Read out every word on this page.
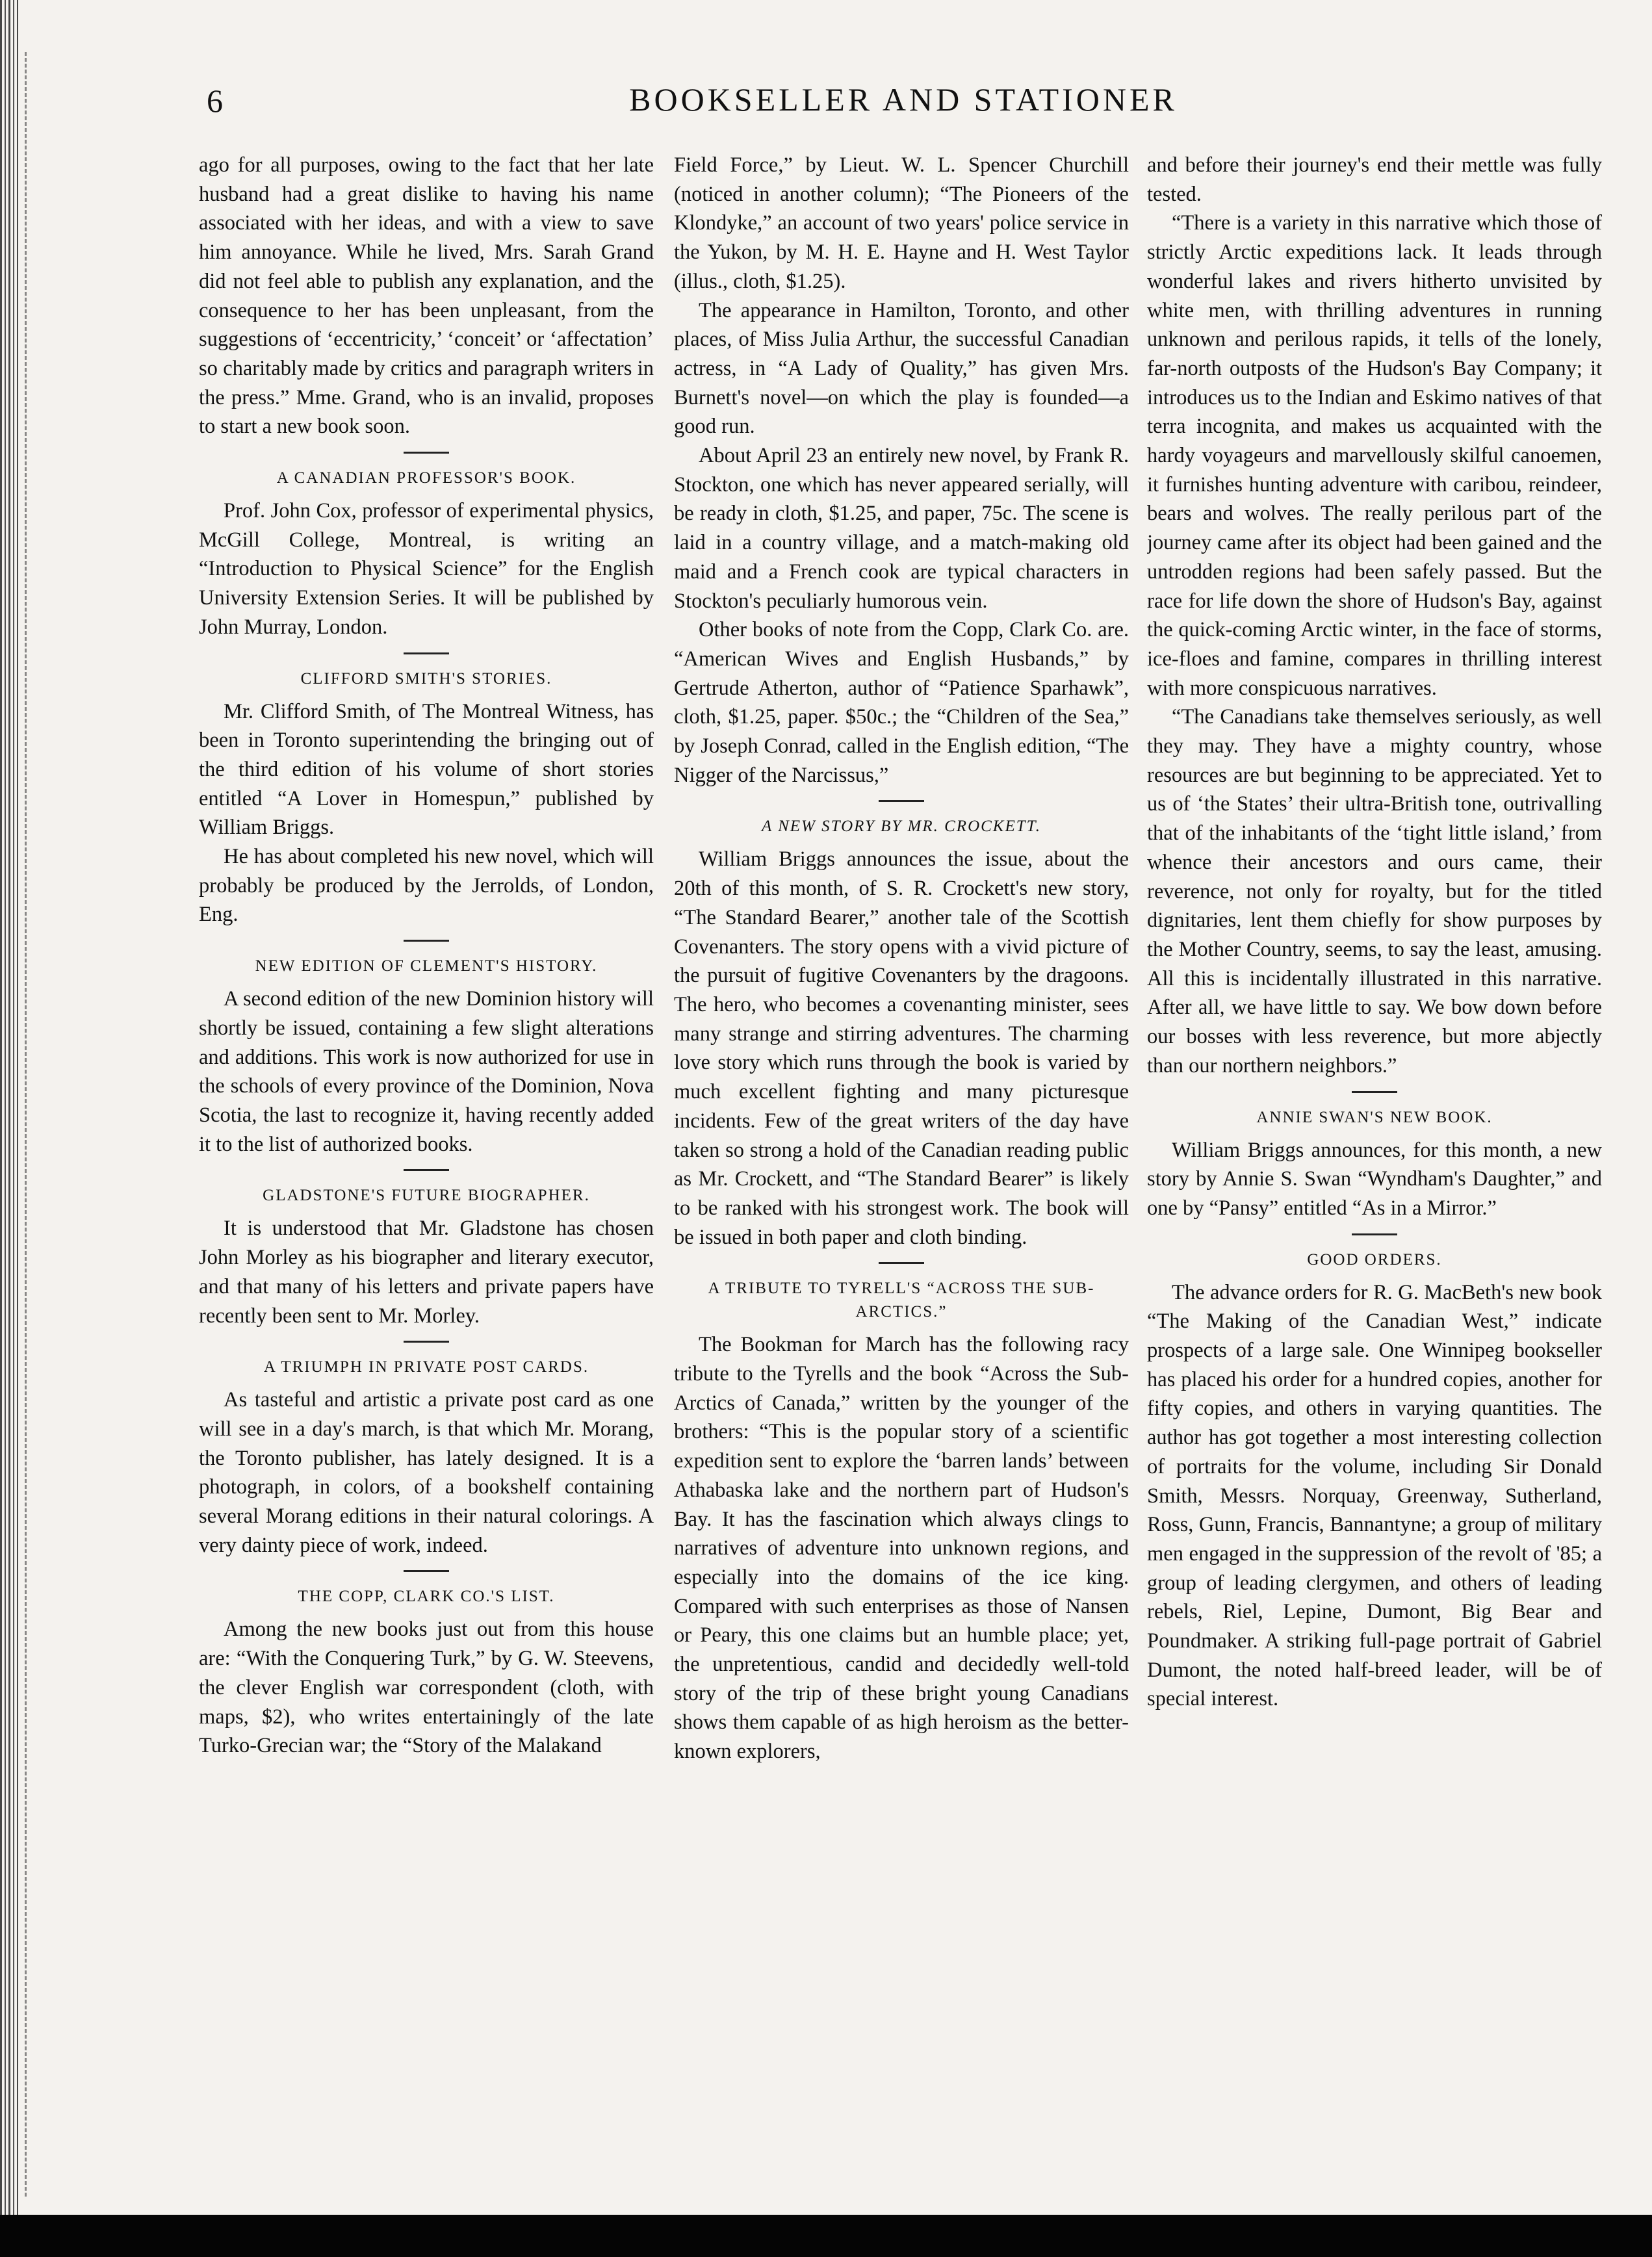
6	BOOKSELLER AND STATIONER

ago for all purposes, owing to the fact that her late husband had a great dislike to having his name associated with her ideas, and with a view to save him annoyance. While he lived, Mrs. Sarah Grand did not feel able to publish any explanation, and the consequence to her has been unpleasant, from the suggestions of ‘eccentricity,’ ‘conceit’ or ‘affectation’ so charitably made by critics and paragraph writers in the press.” Mme. Grand, who is an invalid, proposes to start a new book soon.

A CANADIAN PROFESSOR'S BOOK.

Prof. John Cox, professor of experimental physics, McGill College, Montreal, is writing an “Introduction to Physical Science” for the English University Extension Series. It will be published by John Murray, London.

CLIFFORD SMITH'S STORIES.

Mr. Clifford Smith, of The Montreal Witness, has been in Toronto superintending the bringing out of the third edition of his volume of short stories entitled “A Lover in Homespun,” published by William Briggs.

He has about completed his new novel, which will probably be produced by the Jerrolds, of London, Eng.

NEW EDITION OF CLEMENT'S HISTORY.

A second edition of the new Dominion history will shortly be issued, containing a few slight alterations and additions. This work is now authorized for use in the schools of every province of the Dominion, Nova Scotia, the last to recognize it, having recently added it to the list of authorized books.

GLADSTONE'S FUTURE BIOGRAPHER.

It is understood that Mr. Gladstone has chosen John Morley as his biographer and literary executor, and that many of his letters and private papers have recently been sent to Mr. Morley.

A TRIUMPH IN PRIVATE POST CARDS.

As tasteful and artistic a private post card as one will see in a day's march, is that which Mr. Morang, the Toronto publisher, has lately designed. It is a photograph, in colors, of a bookshelf containing several Morang editions in their natural colorings. A very dainty piece of work, indeed.

THE COPP, CLARK CO.'S LIST.

Among the new books just out from this house are: “With the Conquering Turk,” by G. W. Steevens, the clever English war correspondent (cloth, with maps, $2), who writes entertainingly of the late Turko-Grecian war; the “Story of the Malakand

Field Force,” by Lieut. W. L. Spencer Churchill (noticed in another column); “The Pioneers of the Klondyke,” an account of two years' police service in the Yukon, by M. H. E. Hayne and H. West Taylor (illus., cloth, $1.25).

The appearance in Hamilton, Toronto, and other places, of Miss Julia Arthur, the successful Canadian actress, in “A Lady of Quality,” has given Mrs. Burnett's novel—on which the play is founded—a good run.

About April 23 an entirely new novel, by Frank R. Stockton, one which has never appeared serially, will be ready in cloth, $1.25, and paper, 75c. The scene is laid in a country village, and a match-making old maid and a French cook are typical characters in Stockton's peculiarly humorous vein.

Other books of note from the Copp, Clark Co. are. “American Wives and English Husbands,” by Gertrude Atherton, author of “Patience Sparhawk”, cloth, $1.25, paper. $50c.; the “Children of the Sea,” by Joseph Conrad, called in the English edition, “The Nigger of the Narcissus,”

A NEW STORY BY MR. CROCKETT.

William Briggs announces the issue, about the 20th of this month, of S. R. Crockett's new story, “The Standard Bearer,” another tale of the Scottish Covenanters. The story opens with a vivid picture of the pursuit of fugitive Covenanters by the dragoons. The hero, who becomes a covenanting minister, sees many strange and stirring adventures. The charming love story which runs through the book is varied by much excellent fighting and many picturesque incidents. Few of the great writers of the day have taken so strong a hold of the Canadian reading public as Mr. Crockett, and “The Standard Bearer” is likely to be ranked with his strongest work. The book will be issued in both paper and cloth binding.

A TRIBUTE TO TYRELL'S “ACROSS THE SUB-ARCTICS.”

The Bookman for March has the following racy tribute to the Tyrells and the book “Across the Sub-Arctics of Canada,” written by the younger of the brothers: “This is the popular story of a scientific expedition sent to explore the ‘barren lands’ between Athabaska lake and the northern part of Hudson's Bay. It has the fascination which always clings to narratives of adventure into unknown regions, and especially into the domains of the ice king. Compared with such enterprises as those of Nansen or Peary, this one claims but an humble place; yet, the unpretentious, candid and decidedly well-told story of the trip of these bright young Canadians shows them capable of as high heroism as the better-known explorers,

and before their journey's end their mettle was fully tested.

“There is a variety in this narrative which those of strictly Arctic expeditions lack. It leads through wonderful lakes and rivers hitherto unvisited by white men, with thrilling adventures in running unknown and perilous rapids, it tells of the lonely, far-north outposts of the Hudson's Bay Company; it introduces us to the Indian and Eskimo natives of that terra incognita, and makes us acquainted with the hardy voyageurs and marvellously skilful canoemen, it furnishes hunting adventure with caribou, reindeer, bears and wolves. The really perilous part of the journey came after its object had been gained and the untrodden regions had been safely passed. But the race for life down the shore of Hudson's Bay, against the quick-coming Arctic winter, in the face of storms, ice-floes and famine, compares in thrilling interest with more conspicuous narratives.

“The Canadians take themselves seriously, as well they may. They have a mighty country, whose resources are but beginning to be appreciated. Yet to us of ‘the States’ their ultra-British tone, outrivalling that of the inhabitants of the ‘tight little island,’ from whence their ancestors and ours came, their reverence, not only for royalty, but for the titled dignitaries, lent them chiefly for show purposes by the Mother Country, seems, to say the least, amusing. All this is incidentally illustrated in this narrative. After all, we have little to say. We bow down before our bosses with less reverence, but more abjectly than our northern neighbors.”

ANNIE SWAN'S NEW BOOK.

William Briggs announces, for this month, a new story by Annie S. Swan “Wyndham's Daughter,” and one by “Pansy” entitled “As in a Mirror.”

GOOD ORDERS.

The advance orders for R. G. MacBeth's new book “The Making of the Canadian West,” indicate prospects of a large sale. One Winnipeg bookseller has placed his order for a hundred copies, another for fifty copies, and others in varying quantities. The author has got together a most interesting collection of portraits for the volume, including Sir Donald Smith, Messrs. Norquay, Greenway, Sutherland, Ross, Gunn, Francis, Bannantyne; a group of military men engaged in the suppression of the revolt of '85; a group of leading clergymen, and others of leading rebels, Riel, Lepine, Dumont, Big Bear and Poundmaker. A striking full-page portrait of Gabriel Dumont, the noted half-breed leader, will be of special interest.
